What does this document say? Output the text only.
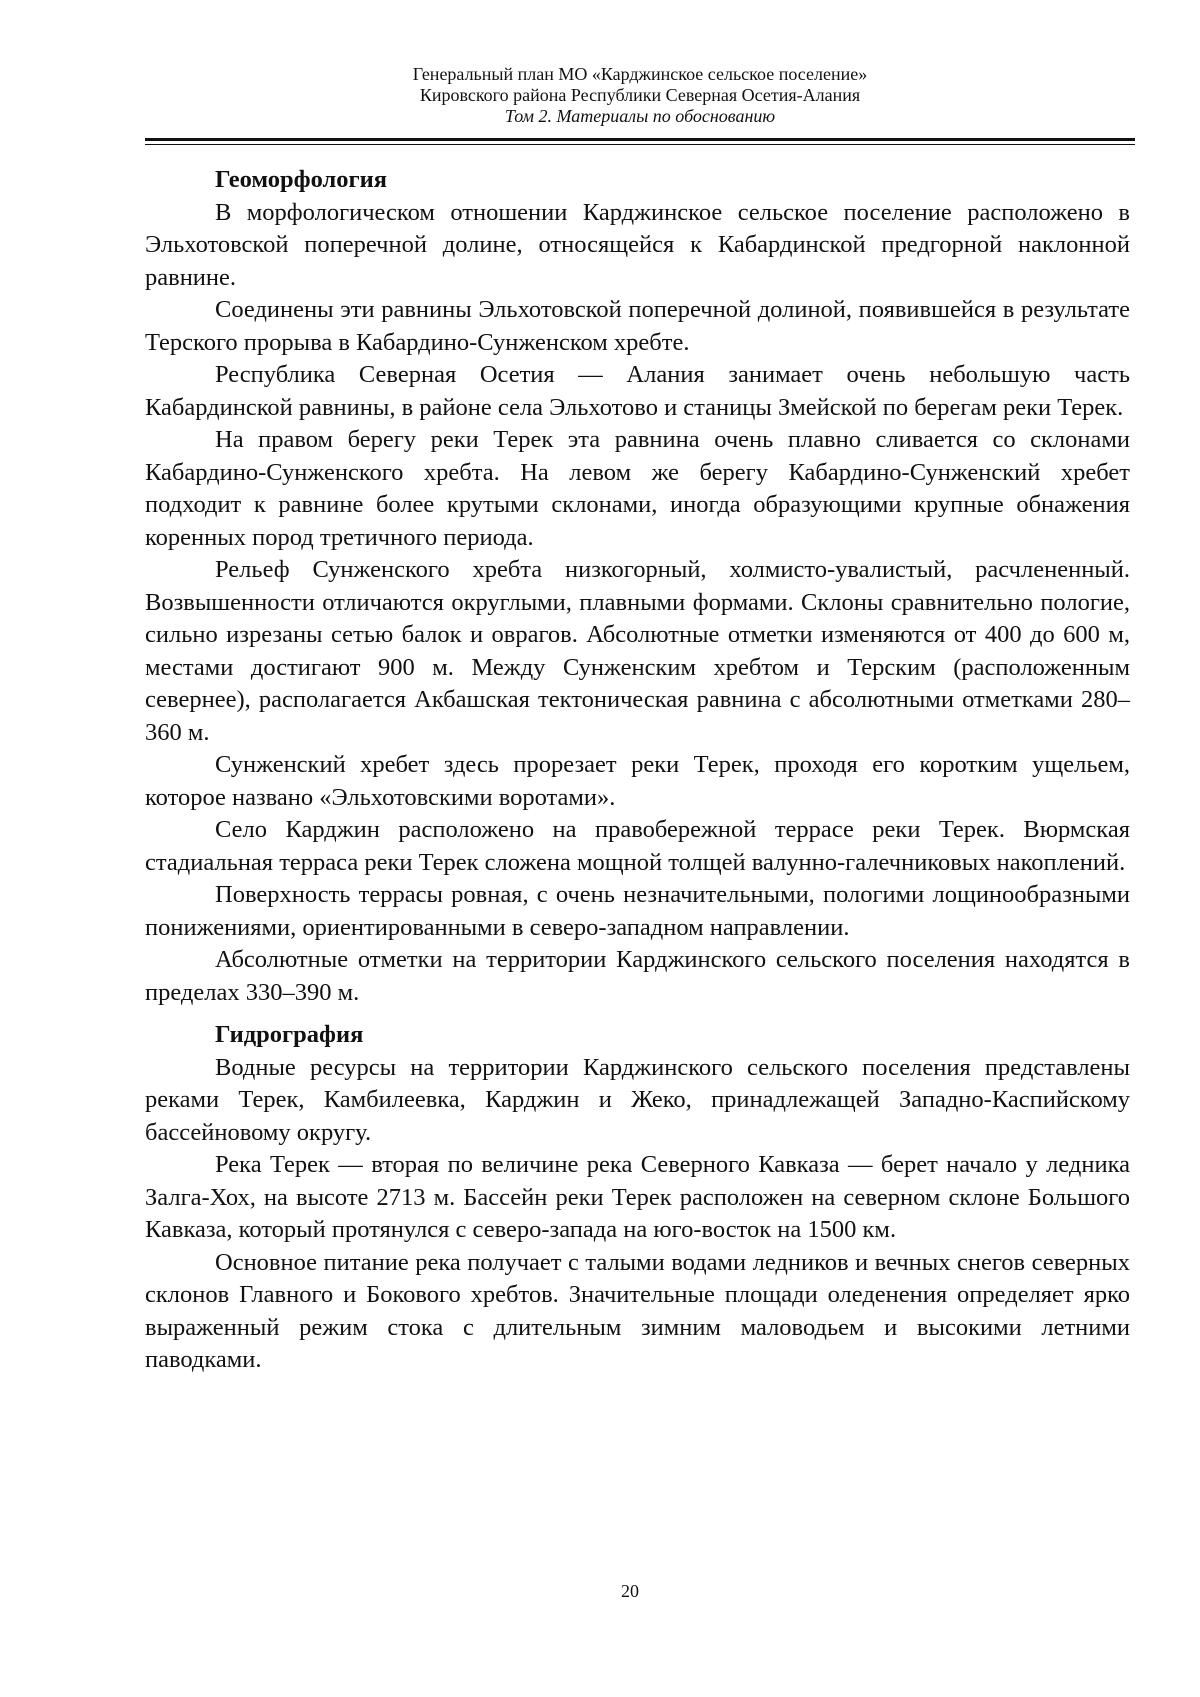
Генеральный план МО «Карджинское сельское поселение»
Кировского района Республики Северная Осетия-Алания
Том 2. Материалы по обоснованию
Геоморфология

В морфологическом отношении Карджинское сельское поселение расположено в Эльхотовской поперечной долине, относящейся к Кабардинской предгорной наклонной равнине.

Соединены эти равнины Эльхотовской поперечной долиной, появившейся в результате Терского прорыва в Кабардино-Сунженском хребте.

Республика Северная Осетия — Алания занимает очень небольшую часть Кабардинской равнины, в районе села Эльхотово и станицы Змейской по берегам реки Терек.

На правом берегу реки Терек эта равнина очень плавно сливается со склонами Кабардино-Сунженского хребта. На левом же берегу Кабардино-Сунженский хребет подходит к равнине более крутыми склонами, иногда образующими крупные обнажения коренных пород третичного периода.

Рельеф Сунженского хребта низкогорный, холмисто-увалистый, расчлененный. Возвышенности отличаются округлыми, плавными формами. Склоны сравнительно пологие, сильно изрезаны сетью балок и оврагов. Абсолютные отметки изменяются от 400 до 600 м, местами достигают 900 м. Между Сунженским хребтом и Терским (расположенным севернее), располагается Акбашская тектоническая равнина с абсолютными отметками 280–360 м.

Сунженский хребет здесь прорезает реки Терек, проходя его коротким ущельем, которое названо «Эльхотовскими воротами».

Село Карджин расположено на правобережной террасе реки Терек. Вюрмская стадиальная терраса реки Терек сложена мощной толщей валунно-галечниковых накоплений.

Поверхность террасы ровная, с очень незначительными, пологими лощинообразными понижениями, ориентированными в северо-западном направлении.

Абсолютные отметки на территории Карджинского сельского поселения находятся в пределах 330–390 м.

Гидрография

Водные ресурсы на территории Карджинского сельского поселения представлены реками Терек, Камбилеевка, Карджин и Жеко, принадлежащей Западно-Каспийскому бассейновому округу.

Река Терек — вторая по величине река Северного Кавказа — берет начало у ледника Залга-Хох, на высоте 2713 м. Бассейн реки Терек расположен на северном склоне Большого Кавказа, который протянулся с северо-запада на юго-восток на 1500 км.

Основное питание река получает с талыми водами ледников и вечных снегов северных склонов Главного и Бокового хребтов. Значительные площади оледенения определяет ярко выраженный режим стока с длительным зимним маловодьем и высокими летними паводками.

20
